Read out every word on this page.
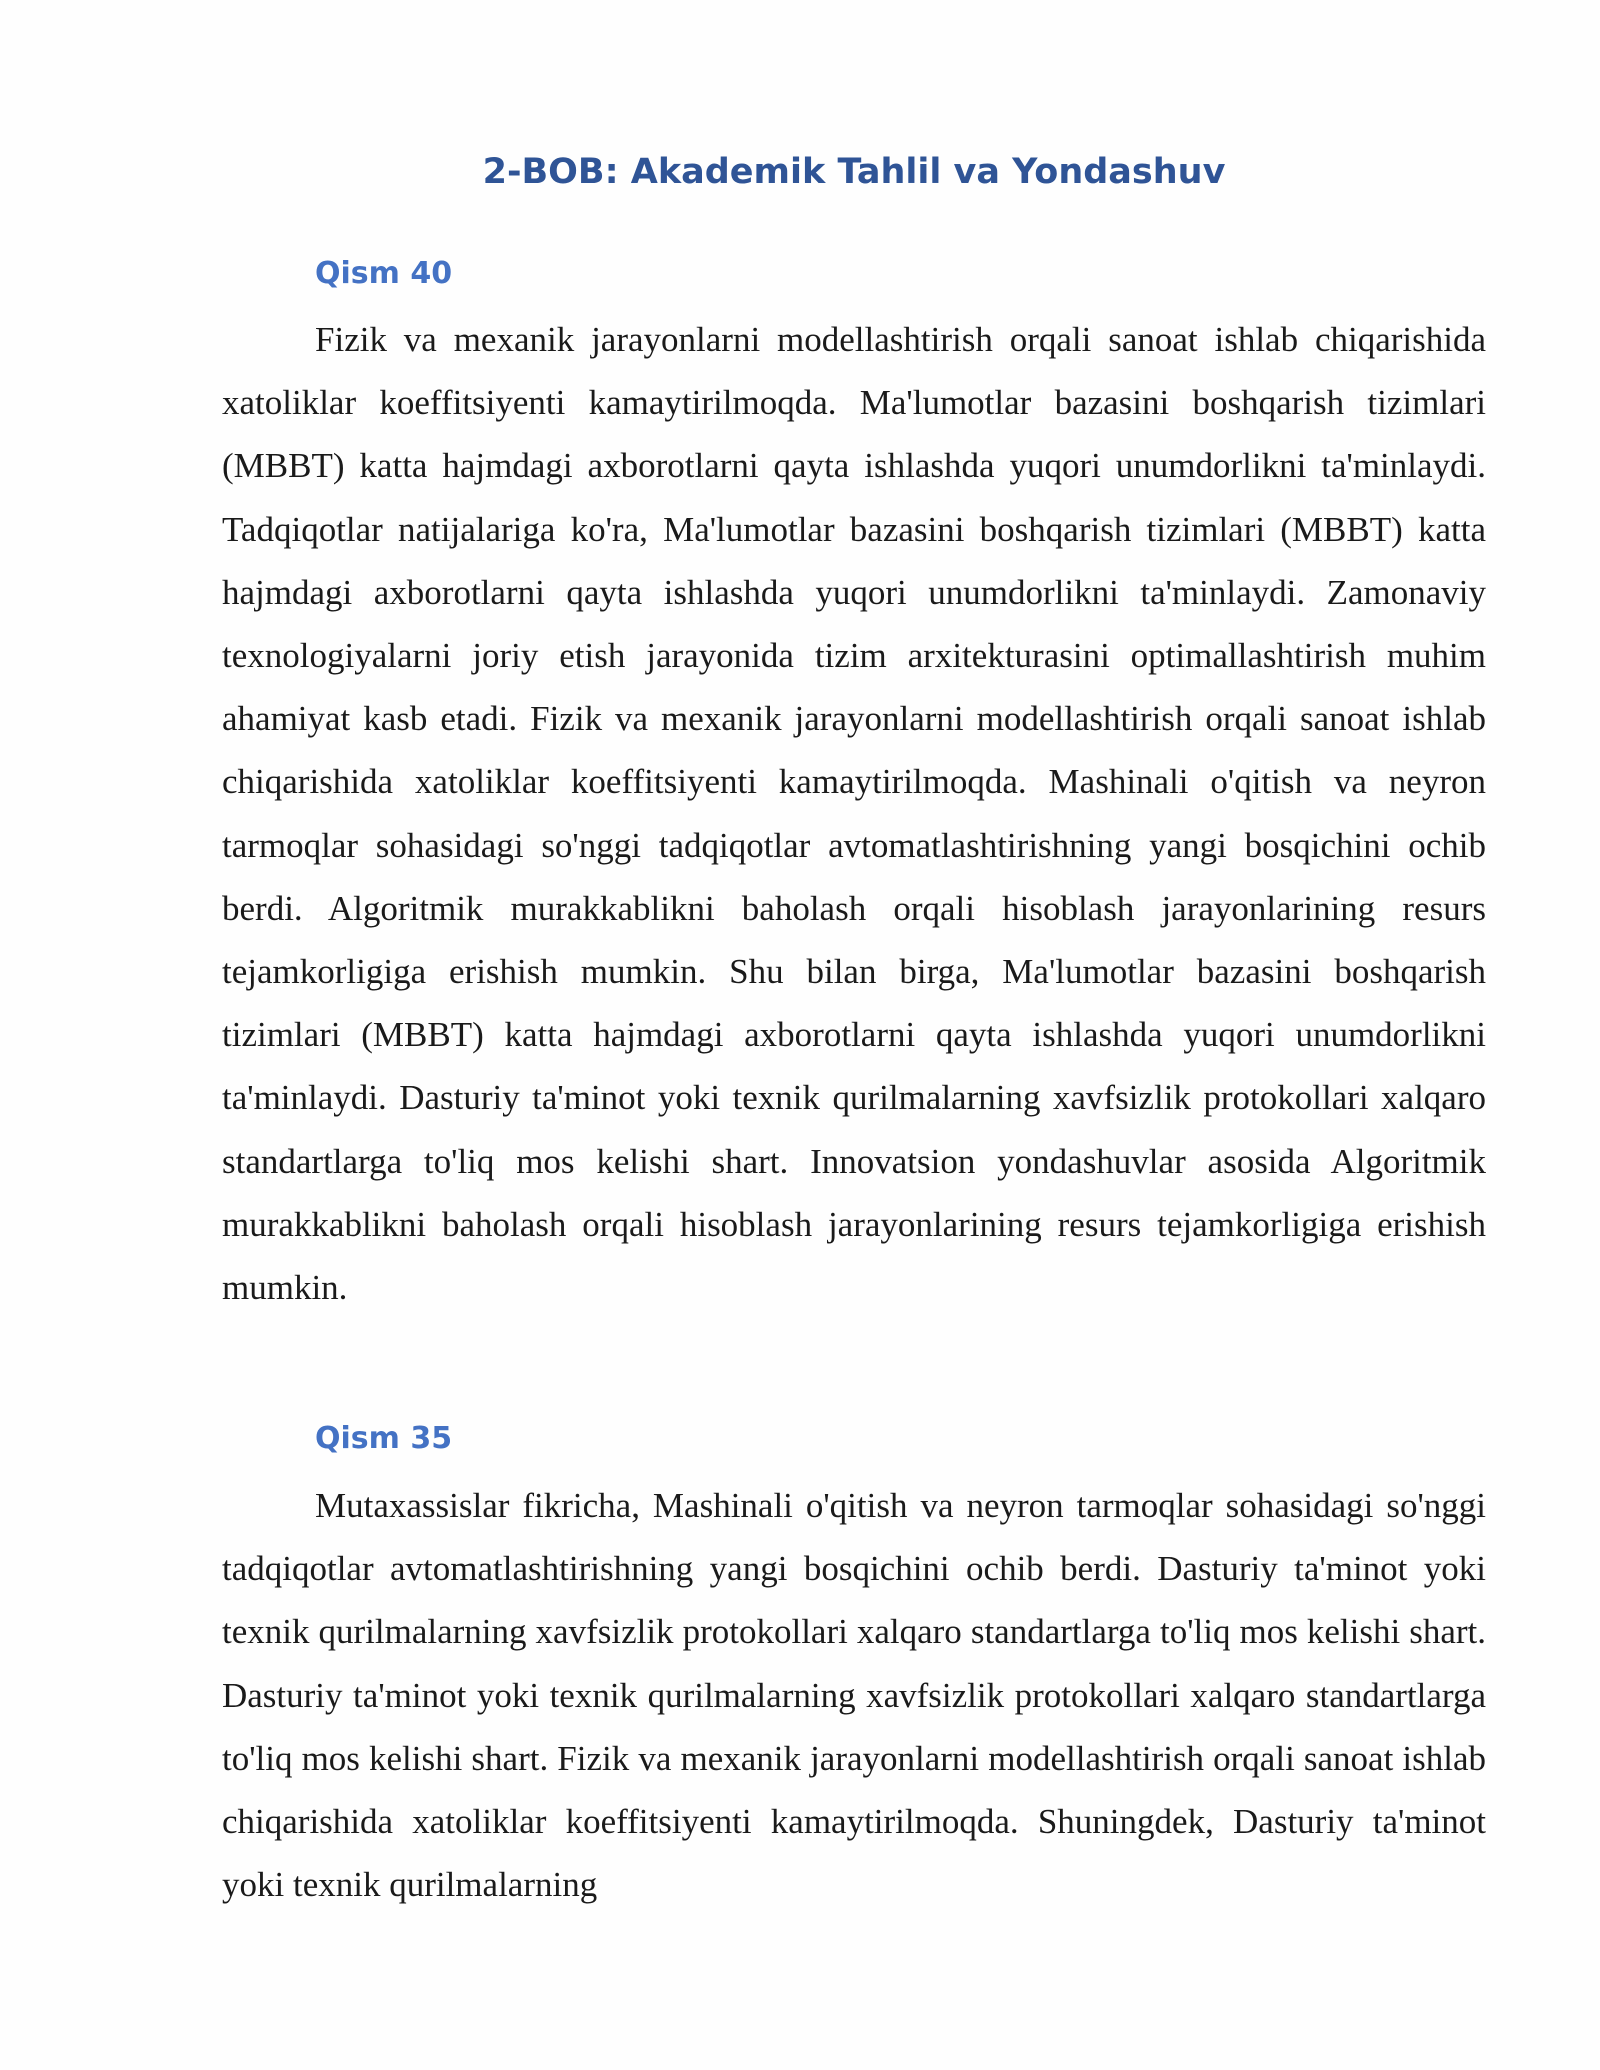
2-BOB: Akademik Tahlil va Yondashuv
Qism 40

Fizik va mexanik jarayonlarni modellashtirish orqali sanoat ishlab chiqarishida xatoliklar koeffitsiyenti kamaytirilmoqda. Ma'lumotlar bazasini boshqarish tizimlari (MBBT) katta hajmdagi axborotlarni qayta ishlashda yuqori unumdorlikni ta'minlaydi. Tadqiqotlar natijalariga ko'ra, Ma'lumotlar bazasini boshqarish tizimlari (MBBT) katta hajmdagi axborotlarni qayta ishlashda yuqori unumdorlikni ta'minlaydi. Zamonaviy texnologiyalarni joriy etish jarayonida tizim arxitekturasini optimallashtirish muhim ahamiyat kasb etadi. Fizik va mexanik jarayonlarni modellashtirish orqali sanoat ishlab chiqarishida xatoliklar koeffitsiyenti kamaytirilmoqda. Mashinali o'qitish va neyron tarmoqlar sohasidagi so'nggi tadqiqotlar avtomatlashtirishning yangi bosqichini ochib berdi. Algoritmik murakkablikni baholash orqali hisoblash jarayonlarining resurs tejamkorligiga erishish mumkin. Shu bilan birga, Ma'lumotlar bazasini boshqarish tizimlari (MBBT) katta hajmdagi axborotlarni qayta ishlashda yuqori unumdorlikni ta'minlaydi. Dasturiy ta'minot yoki texnik qurilmalarning xavfsizlik protokollari xalqaro standartlarga to'liq mos kelishi shart. Innovatsion yondashuvlar asosida Algoritmik murakkablikni baholash orqali hisoblash jarayonlarining resurs tejamkorligiga erishish mumkin.

Qism 35

Mutaxassislar fikricha, Mashinali o'qitish va neyron tarmoqlar sohasidagi so'nggi tadqiqotlar avtomatlashtirishning yangi bosqichini ochib berdi. Dasturiy ta'minot yoki texnik qurilmalarning xavfsizlik protokollari xalqaro standartlarga to'liq mos kelishi shart. Dasturiy ta'minot yoki texnik qurilmalarning xavfsizlik protokollari xalqaro standartlarga to'liq mos kelishi shart. Fizik va mexanik jarayonlarni modellashtirish orqali sanoat ishlab chiqarishida xatoliklar koeffitsiyenti kamaytirilmoqda. Shuningdek, Dasturiy ta'minot yoki texnik qurilmalarning
